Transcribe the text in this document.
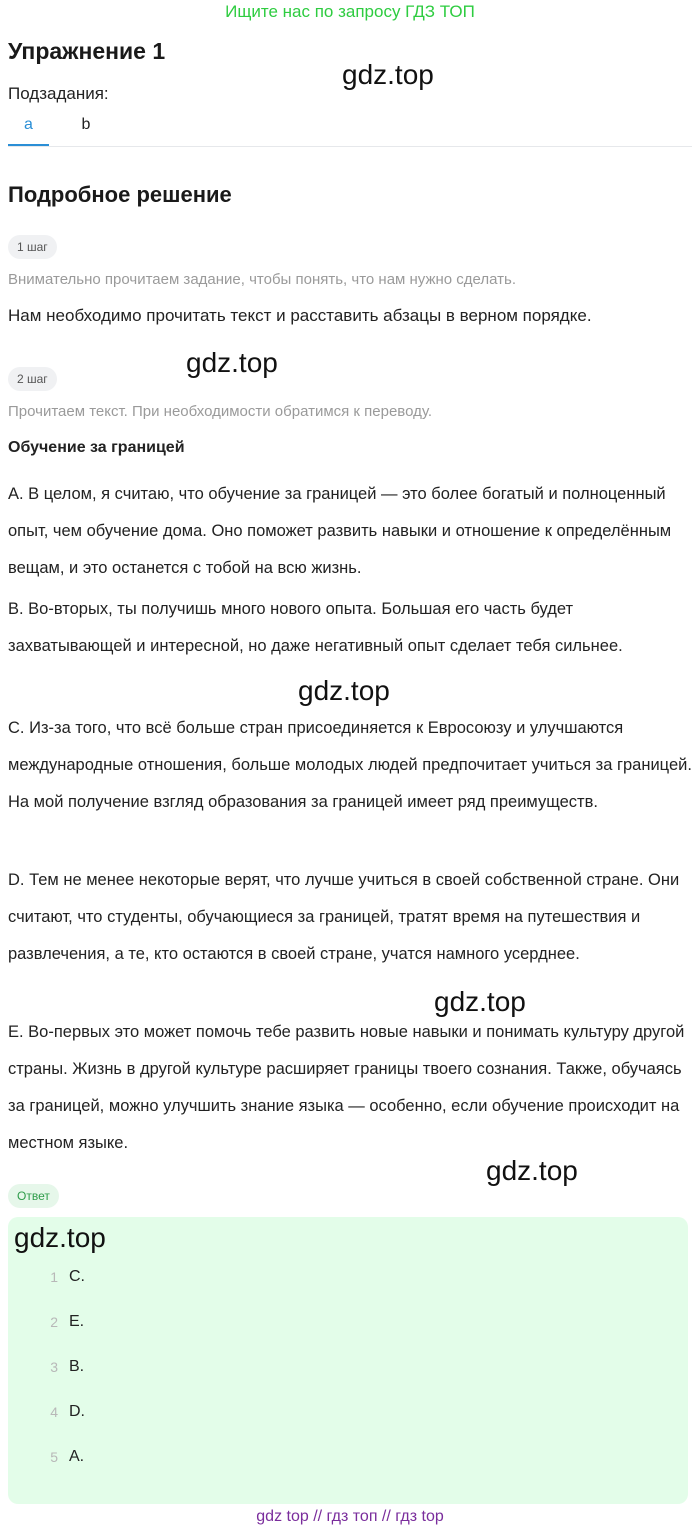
Ищите нас по запросу ГДЗ ТОП
Упражнение 1
gdz.top
Подзадания:
a	b
Подробное решение
1 шаг
Внимательно прочитаем задание, чтобы понять, что нам нужно сделать.
Нам необходимо прочитать текст и расставить абзацы в верном порядке.
gdz.top
2 шаг
Прочитаем текст. При необходимости обратимся к переводу.
Обучение за границей

А. В целом, я считаю, что обучение за границей — это более богатый и полноценный опыт, чем обучение дома. Оно поможет развить навыки и отношение к определённым вещам, и это останется с тобой на всю жизнь.

В. Во-вторых, ты получишь много нового опыта. Большая его часть будет захватывающей и интересной, но даже негативный опыт сделает тебя сильнее.

gdz.top

С. Из-за того, что всё больше стран присоединяется к Евросоюзу и улучшаются международные отношения, больше молодых людей предпочитает учиться за границей. На мой получение взгляд образования за границей имеет ряд преимуществ.

D. Тем не менее некоторые верят, что лучше учиться в своей собственной стране. Они считают, что студенты, обучающиеся за границей, тратят время на путешествия и развлечения, а те, кто остаются в своей стране, учатся намного усерднее.

gdz.top

Е. Во-первых это может помочь тебе развить новые навыки и понимать культуру другой страны. Жизнь в другой культуре расширяет границы твоего сознания. Также, обучаясь за границей, можно улучшить знание языка — особенно, если обучение происходит на местном языке.

gdz.top
Ответ
gdz.top
1 C.
2 E.
3 B.
4 D.
5 A.
gdz top // гдз топ // гдз top
